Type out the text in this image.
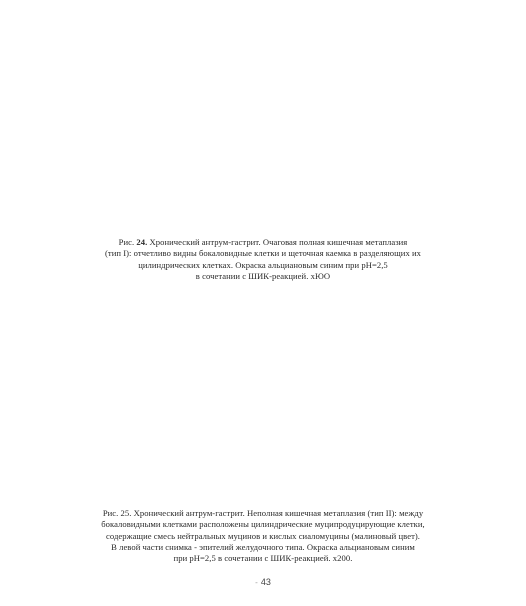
Рис. 24. Хронический антрум-гастрит. Очаговая полная кишечная метаплазия
(тип I): отчетливо видны бокаловидные клетки и щеточная каемка в разделяющих их
цилиндрических клетках. Окраска альциановым синим при рН=2,5
в сочетании с ШИК-реакцией. хЮО
Рис. 25. Хронический антрум-гастрит. Неполная кишечная метаплазия (тип II): между
бокаловидными клетками расположены цилиндрические муципродуцирующие клетки,
содержащие смесь нейтральных муцинов и кислых сиаломуцины (малиновый цвет).
В левой части снимка - эпителий желудочного типа. Окраска альциановым синим
при рН=2,5 в сочетании с ШИК-реакцией. х200.
- 43
